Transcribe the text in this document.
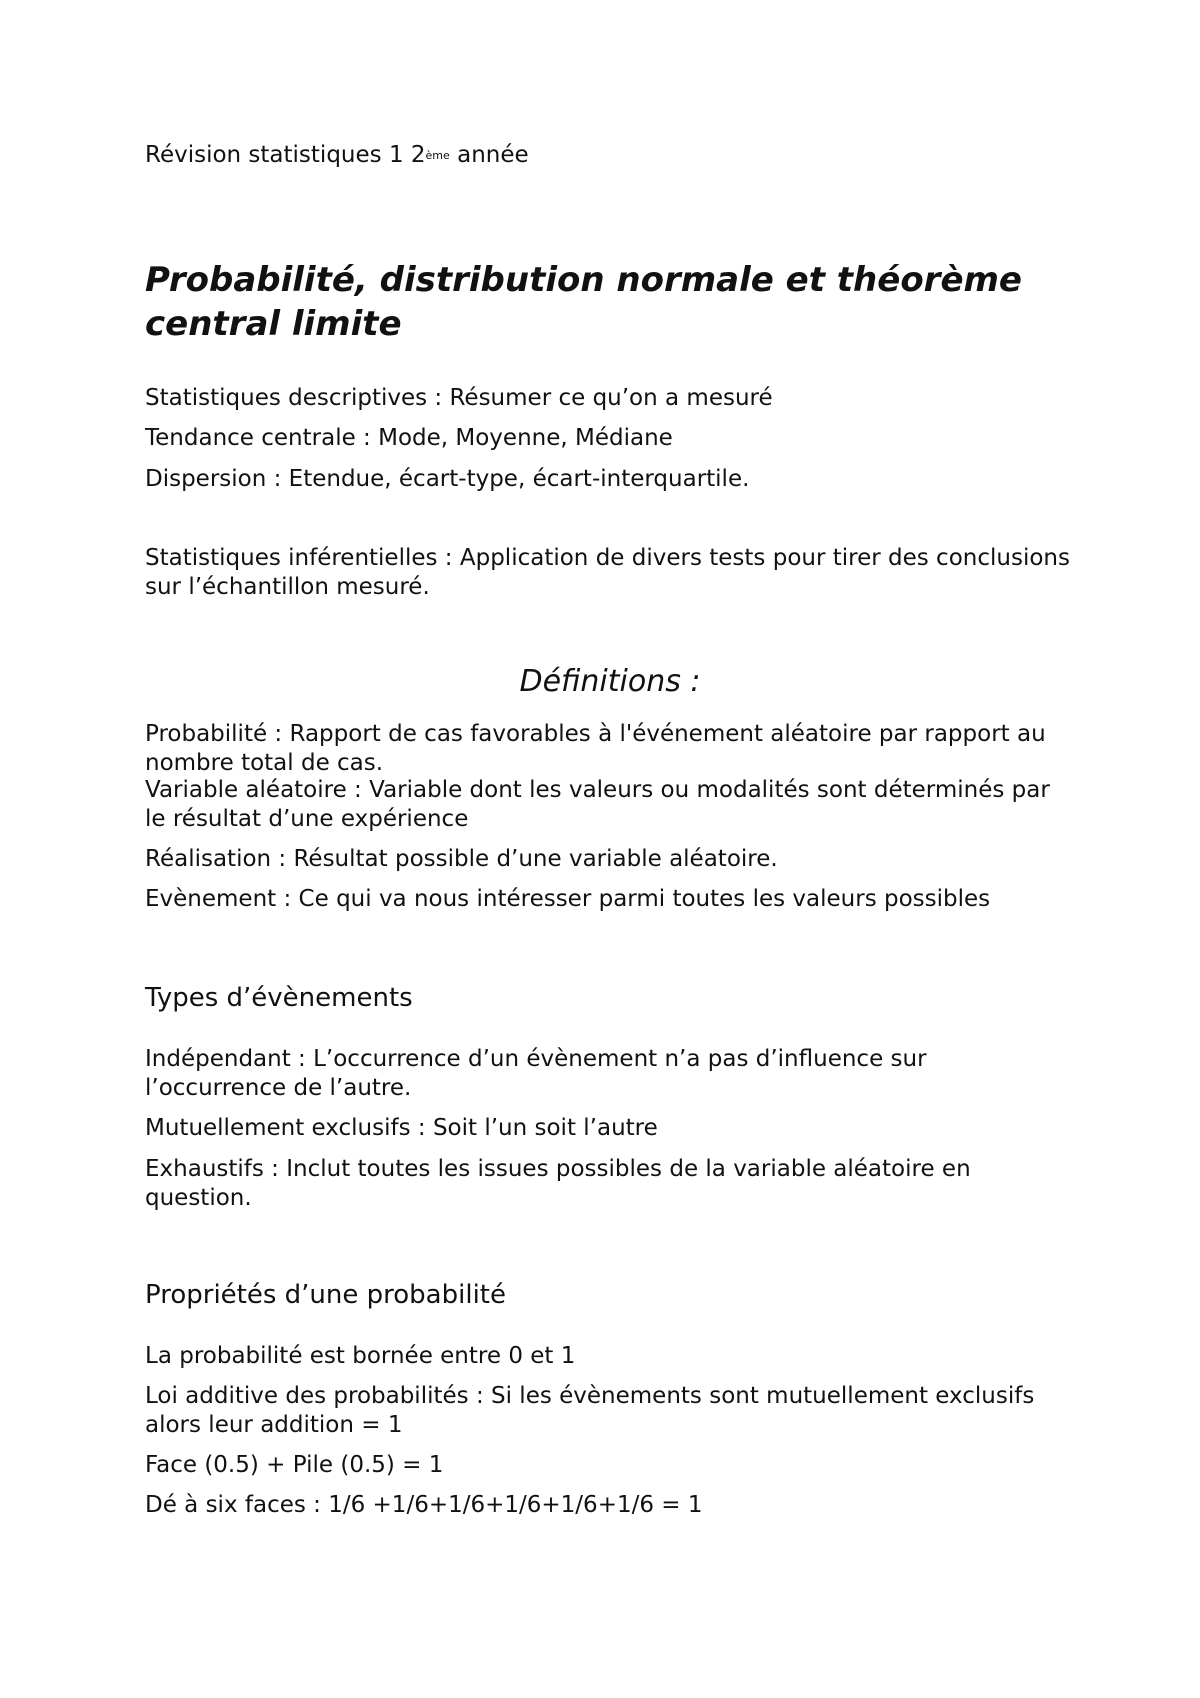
Révision statistiques 1 2ème année

Probabilité, distribution normale et théorème central limite

Statistiques descriptives : Résumer ce qu’on a mesuré

Tendance centrale : Mode, Moyenne, Médiane

Dispersion : Etendue, écart-type, écart-interquartile.

Statistiques inférentielles : Application de divers tests pour tirer des conclusions sur l’échantillon mesuré.

Définitions :

Probabilité : Rapport de cas favorables à l'événement aléatoire par rapport au nombre total de cas.

Variable aléatoire : Variable dont les valeurs ou modalités sont déterminés par le résultat d’une expérience

Réalisation : Résultat possible d’une variable aléatoire.

Evènement : Ce qui va nous intéresser parmi toutes les valeurs possibles

Types d’évènements

Indépendant : L’occurrence d’un évènement n’a pas d’influence sur l’occurrence de l’autre.

Mutuellement exclusifs : Soit l’un soit l’autre

Exhaustifs : Inclut toutes les issues possibles de la variable aléatoire en question.

Propriétés d’une probabilité

La probabilité est bornée entre 0 et 1

Loi additive des probabilités : Si les évènements sont mutuellement exclusifs alors leur addition = 1

Face (0.5) + Pile (0.5) = 1

Dé à six faces : 1/6 +1/6+1/6+1/6+1/6+1/6 = 1
